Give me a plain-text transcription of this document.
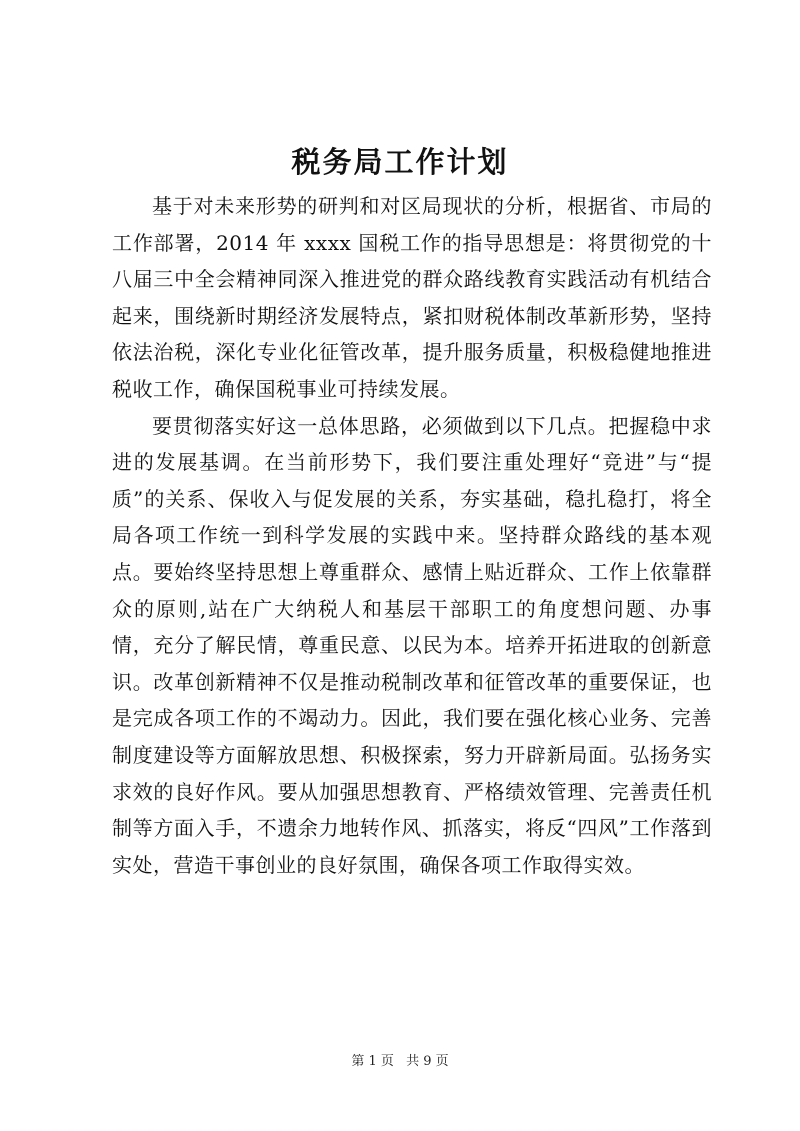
税务局工作计划

基于对未来形势的研判和对区局现状的分析，根据省、市局的工作部署，2014 年 xxxx 国税工作的指导思想是：将贯彻党的十八届三中全会精神同深入推进党的群众路线教育实践活动有机结合起来，围绕新时期经济发展特点，紧扣财税体制改革新形势，坚持依法治税，深化专业化征管改革，提升服务质量，积极稳健地推进税收工作，确保国税事业可持续发展。

要贯彻落实好这一总体思路，必须做到以下几点。把握稳中求进的发展基调。在当前形势下，我们要注重处理好“竞进”与“提质”的关系、保收入与促发展的关系，夯实基础，稳扎稳打，将全局各项工作统一到科学发展的实践中来。坚持群众路线的基本观点。要始终坚持思想上尊重群众、感情上贴近群众、工作上依靠群众的原则,站在广大纳税人和基层干部职工的角度想问题、办事情，充分了解民情，尊重民意、以民为本。培养开拓进取的创新意识。改革创新精神不仅是推动税制改革和征管改革的重要保证，也是完成各项工作的不竭动力。因此，我们要在强化核心业务、完善制度建设等方面解放思想、积极探索，努力开辟新局面。弘扬务实求效的良好作风。要从加强思想教育、严格绩效管理、完善责任机制等方面入手，不遗余力地转作风、抓落实，将反“四风”工作落到实处，营造干事创业的良好氛围，确保各项工作取得实效。

第 1 页 共 9 页
